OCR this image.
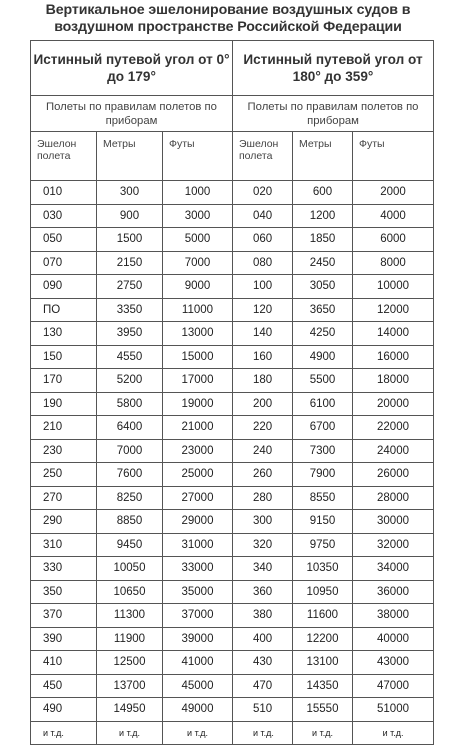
Вертикальное эшелонирование воздушных судов в воздушном пространстве Российской Федерации
Истинный путевой угол от 0° до 179°			Истинный путевой угол от 180° до 359°		
Полеты по правилам полетов по приборам			Полеты по правилам полетов по приборам		
Эшелон полета	Метры	Футы	Эшелон полета	Метры	Футы
010	300	1000	020	600	2000
030	900	3000	040	1200	4000
050	1500	5000	060	1850	6000
070	2150	7000	080	2450	8000
090	2750	9000	100	3050	10000
ПО	3350	11000	120	3650	12000
130	3950	13000	140	4250	14000
150	4550	15000	160	4900	16000
170	5200	17000	180	5500	18000
190	5800	19000	200	6100	20000
210	6400	21000	220	6700	22000
230	7000	23000	240	7300	24000
250	7600	25000	260	7900	26000
270	8250	27000	280	8550	28000
290	8850	29000	300	9150	30000
310	9450	31000	320	9750	32000
330	10050	33000	340	10350	34000
350	10650	35000	360	10950	36000
370	11300	37000	380	11600	38000
390	11900	39000	400	12200	40000
410	12500	41000	430	13100	43000
450	13700	45000	470	14350	47000
490	14950	49000	510	15550	51000
и т.д.	и т.д.	и т.д.	и т.д.	и т.д.	и т.д.
